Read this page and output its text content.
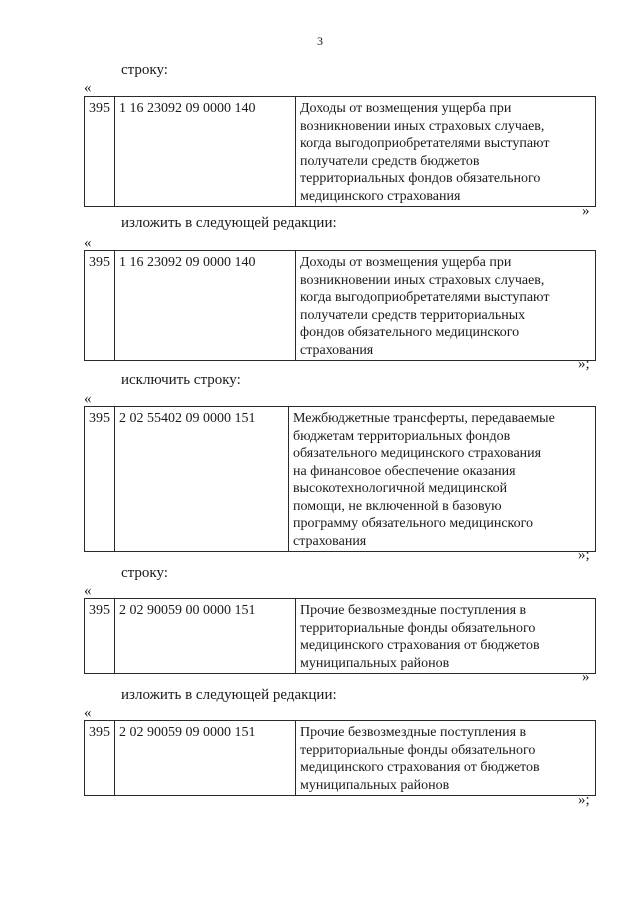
3
строку:
«
395	1 16 23092 09 0000 140	Доходы от возмещения ущерба при
возникновении иных страховых случаев,
когда выгодоприобретателями выступают
получатели средств бюджетов
территориальных фондов обязательного
медицинского страхования
»
изложить в следующей редакции:
«
395	1 16 23092 09 0000 140	Доходы от возмещения ущерба при
возникновении иных страховых случаев,
когда выгодоприобретателями выступают
получатели средств территориальных
фондов обязательного медицинского
страхования
»;
исключить строку:
«
395	2 02 55402 09 0000 151	Межбюджетные трансферты, передаваемые
бюджетам территориальных фондов
обязательного медицинского страхования
на финансовое обеспечение оказания
высокотехнологичной медицинской
помощи, не включенной в базовую
программу обязательного медицинского
страхования
»;
строку:
«
395	2 02 90059 00 0000 151	Прочие безвозмездные поступления в
территориальные фонды обязательного
медицинского страхования от бюджетов
муниципальных районов
»
изложить в следующей редакции:
«
395	2 02 90059 09 0000 151	Прочие безвозмездные поступления в
территориальные фонды обязательного
медицинского страхования от бюджетов
муниципальных районов
»;
